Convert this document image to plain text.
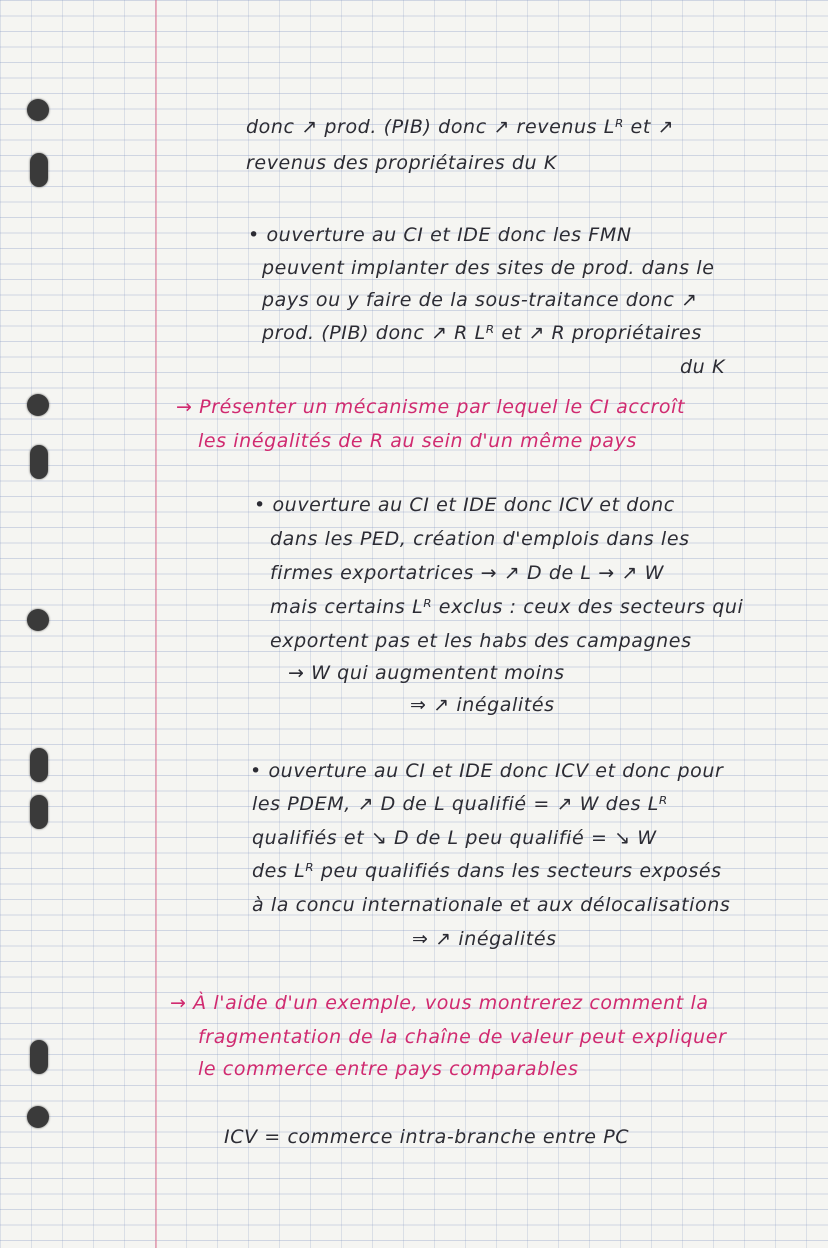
donc ↗ prod. (PIB) donc ↗ revenus Lᴿ et ↗
revenus des propriétaires du K
• ouverture au CI et IDE donc les FMN
peuvent implanter des sites de prod. dans le
pays ou y faire de la sous-traitance donc ↗
prod. (PIB) donc ↗ R Lᴿ et ↗ R propriétaires
du K
→ Présenter un mécanisme par lequel le CI accroît
les inégalités de R au sein d'un même pays
• ouverture au CI et IDE donc ICV et donc
dans les PED, création d'emplois dans les
firmes exportatrices → ↗ D de L → ↗ W
mais certains Lᴿ exclus : ceux des secteurs qui
exportent pas et les habs des campagnes
→ W qui augmentent moins
⇒ ↗ inégalités
• ouverture au CI et IDE donc ICV et donc pour
les PDEM, ↗ D de L qualifié = ↗ W des Lᴿ
qualifiés et ↘ D de L peu qualifié = ↘ W
des Lᴿ peu qualifiés dans les secteurs exposés
à la concu internationale et aux délocalisations
⇒ ↗ inégalités
→ À l'aide d'un exemple, vous montrerez comment la
fragmentation de la chaîne de valeur peut expliquer
le commerce entre pays comparables
ICV = commerce intra-branche entre PC
